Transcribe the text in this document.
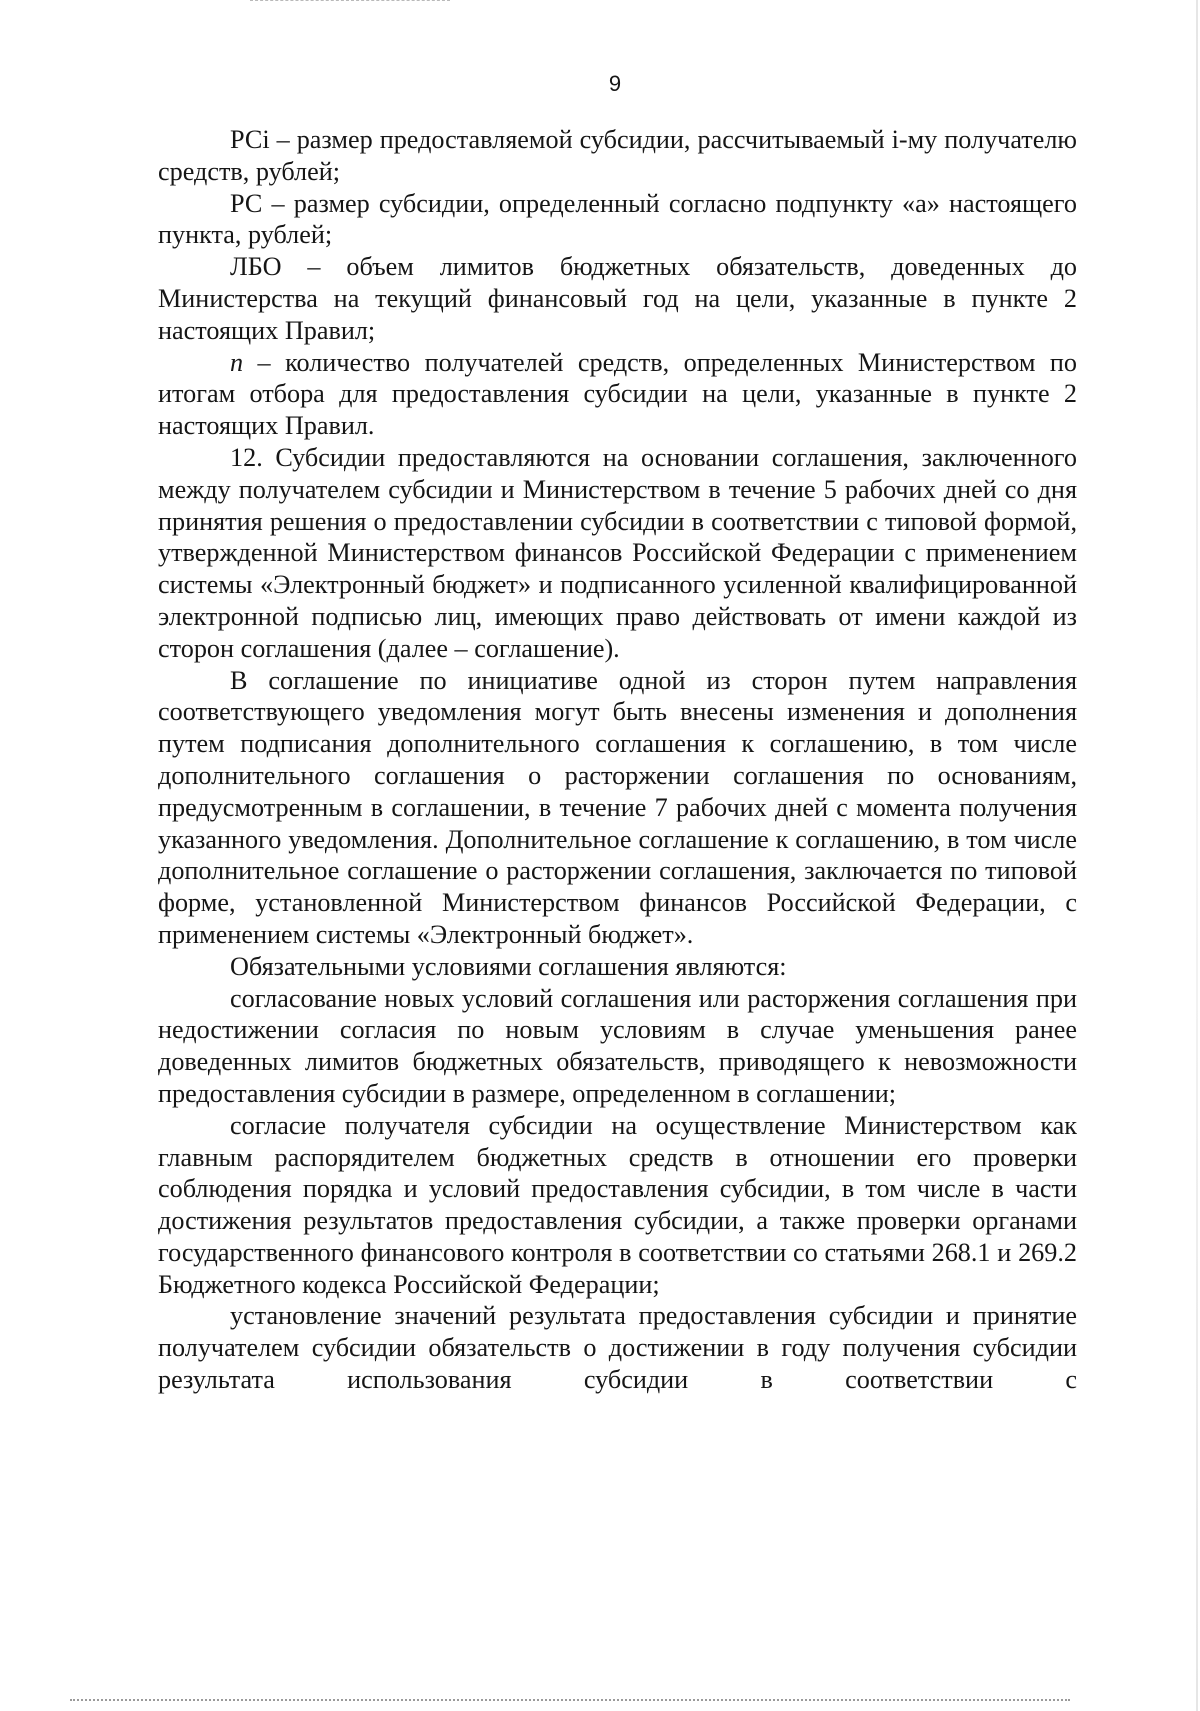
9

РСi – размер предоставляемой субсидии, рассчитываемый i-му получателю средств, рублей;

РС – размер субсидии, определенный согласно подпункту «а» настоящего пункта, рублей;

ЛБО – объем лимитов бюджетных обязательств, доведенных до Министерства на текущий финансовый год на цели, указанные в пункте 2 настоящих Правил;

n – количество получателей средств, определенных Министерством по итогам отбора для предоставления субсидии на цели, указанные в пункте 2 настоящих Правил.

12. Субсидии предоставляются на основании соглашения, заключенного между получателем субсидии и Министерством в течение 5 рабочих дней со дня принятия решения о предоставлении субсидии в соответствии с типовой формой, утвержденной Министерством финансов Российской Федерации с применением системы «Электронный бюджет» и подписанного усиленной квалифицированной электронной подписью лиц, имеющих право действовать от имени каждой из сторон соглашения (далее – соглашение).

В соглашение по инициативе одной из сторон путем направления соответствующего уведомления могут быть внесены изменения и дополнения путем подписания дополнительного соглашения к соглашению, в том числе дополнительного соглашения о расторжении соглашения по основаниям, предусмотренным в соглашении, в течение 7 рабочих дней с момента получения указанного уведомления. Дополнительное соглашение к соглашению, в том числе дополнительное соглашение о расторжении соглашения, заключается по типовой форме, установленной Министерством финансов Российской Федерации, с применением системы «Электронный бюджет».

Обязательными условиями соглашения являются:

согласование новых условий соглашения или расторжения соглашения при недостижении согласия по новым условиям в случае уменьшения ранее доведенных лимитов бюджетных обязательств, приводящего к невозможности предоставления субсидии в размере, определенном в соглашении;

согласие получателя субсидии на осуществление Министерством как главным распорядителем бюджетных средств в отношении его проверки соблюдения порядка и условий предоставления субсидии, в том числе в части достижения результатов предоставления субсидии, а также проверки органами государственного финансового контроля в соответствии со статьями 268.1 и 269.2 Бюджетного кодекса Российской Федерации;

установление значений результата предоставления субсидии и принятие получателем субсидии обязательств о достижении в году получения субсидии результата использования субсидии в соответствии с
